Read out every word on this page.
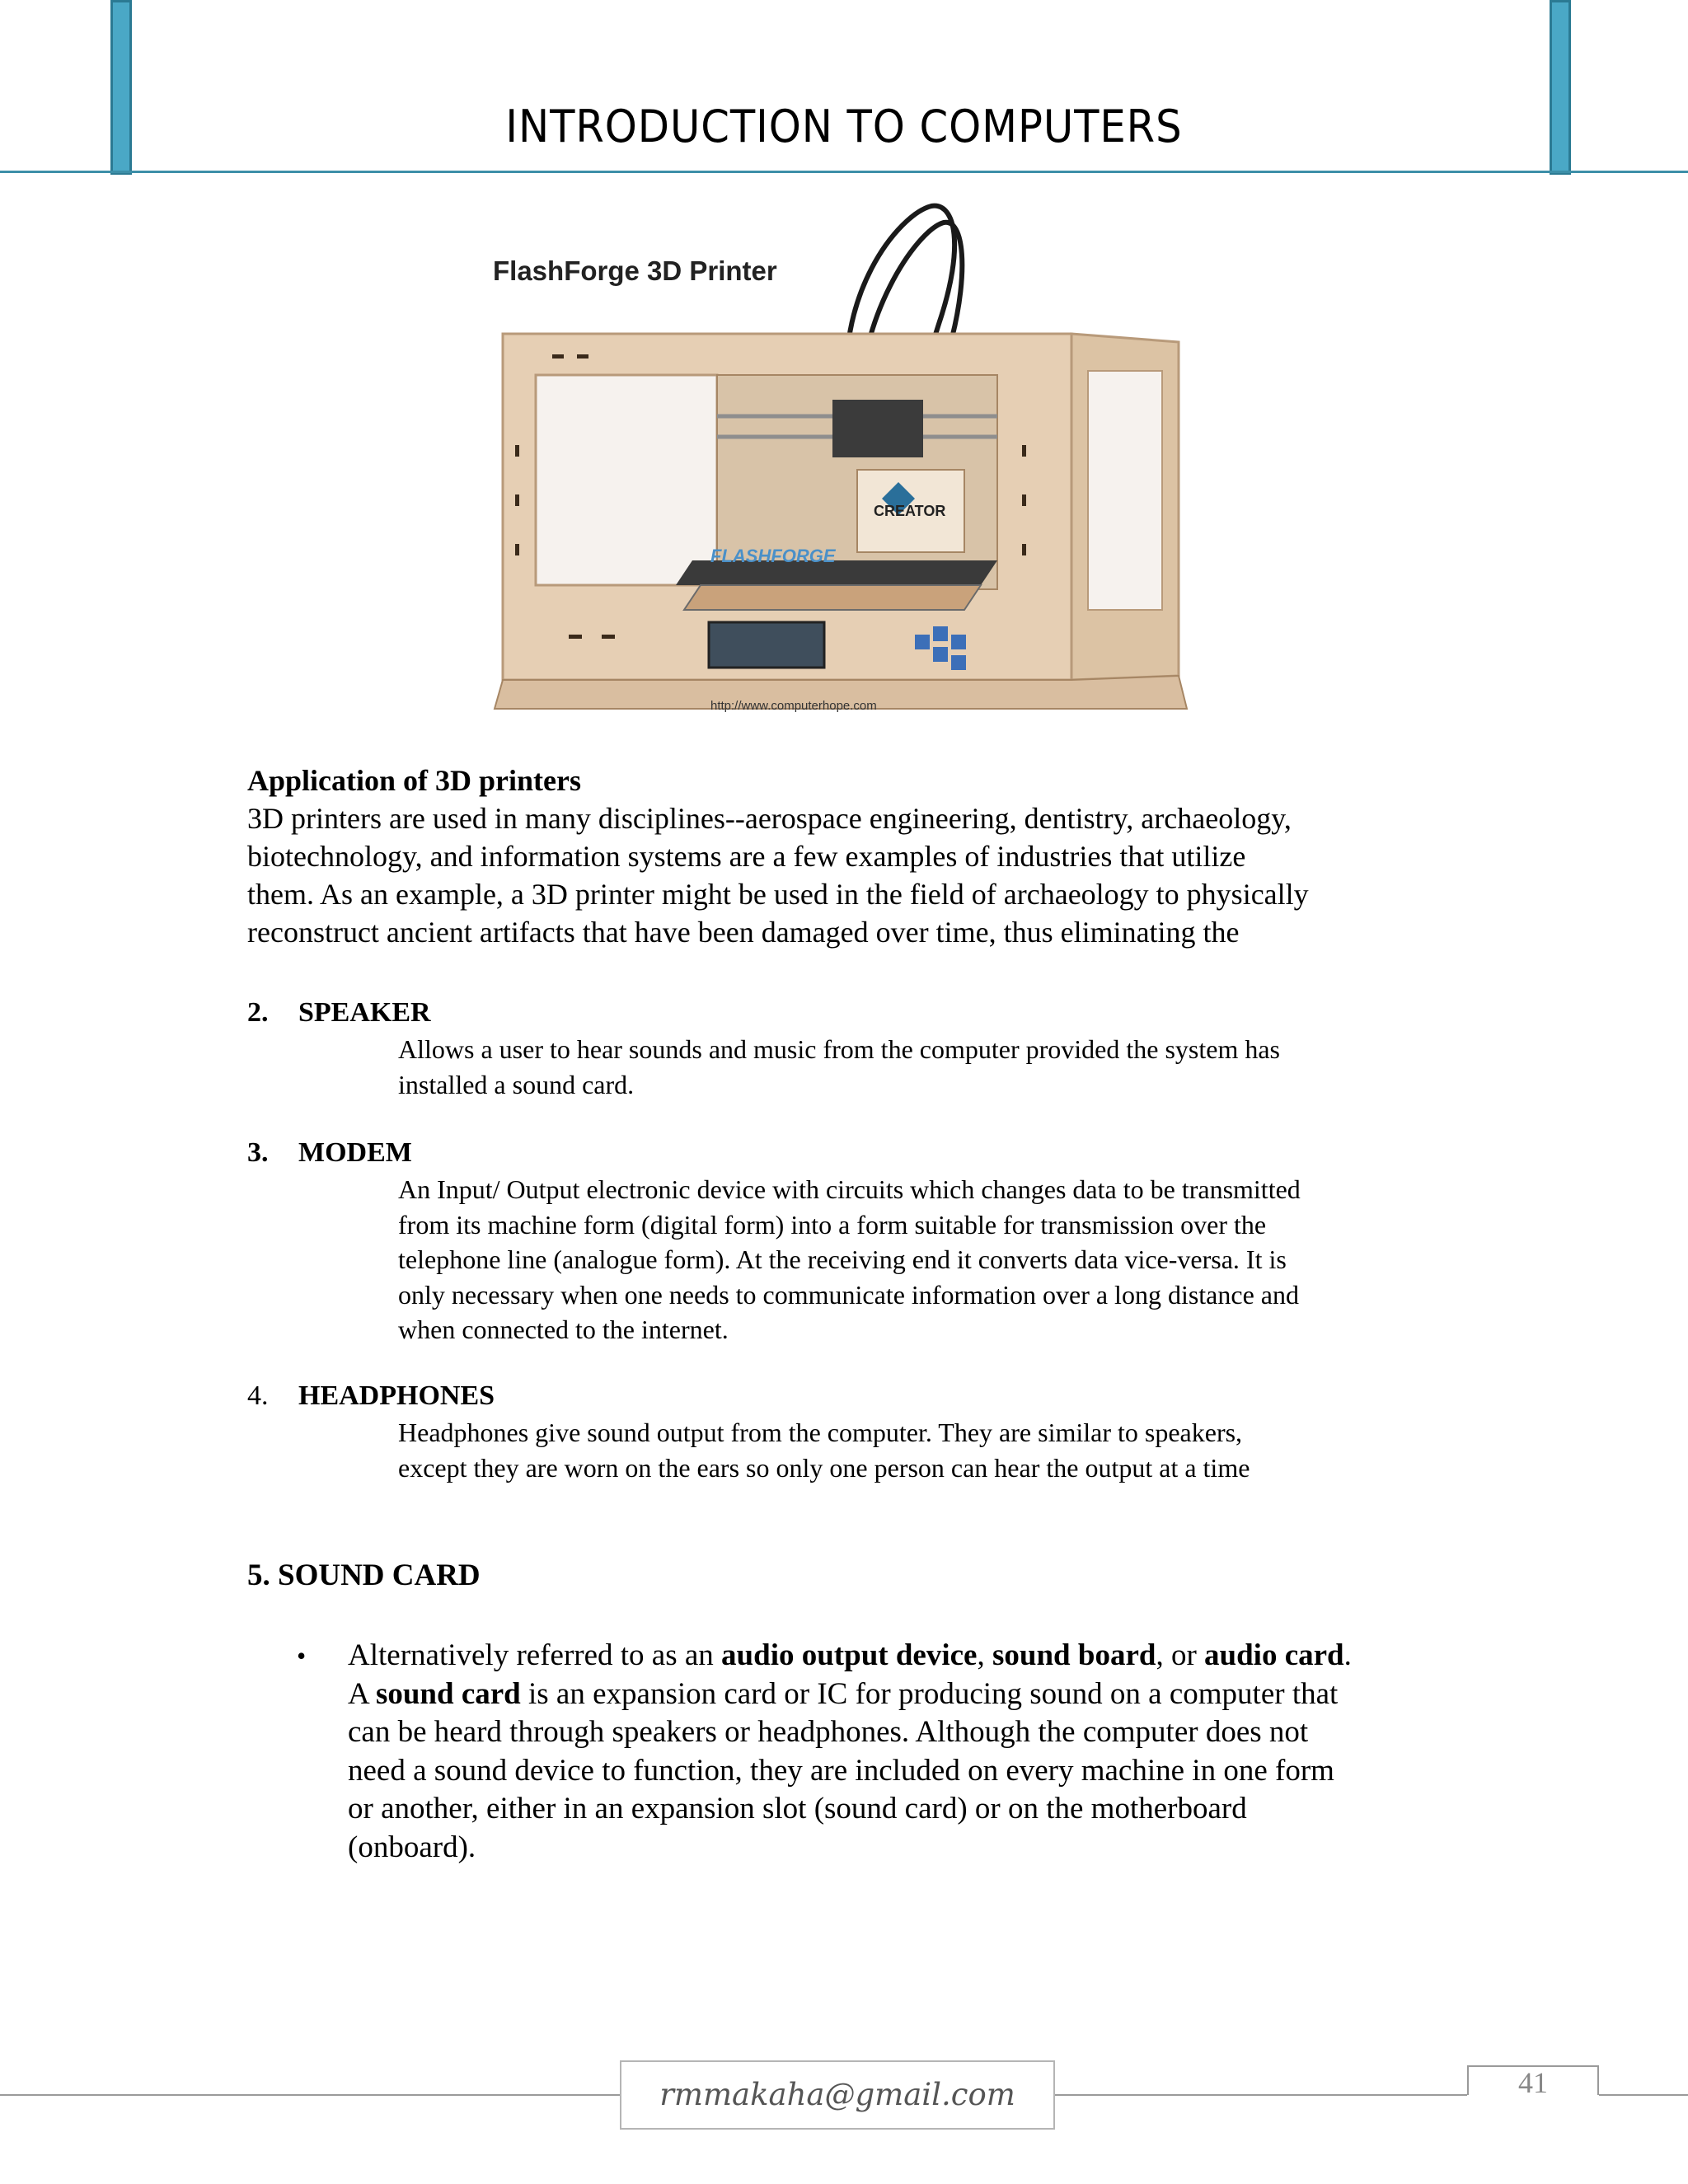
INTRODUCTION TO COMPUTERS
FlashForge 3D Printer
CREATOR
FLASHFORGE
http://www.computerhope.com
Application of 3D printers
3D printers are used in many disciplines--aerospace engineering, dentistry, archaeology,
biotechnology, and information systems are a few examples of industries that utilize
them. As an example, a 3D printer might be used in the field of archaeology to physically
reconstruct ancient artifacts that have been damaged over time, thus eliminating the
2. SPEAKER
Allows a user to hear sounds and music from the computer provided the system has
installed a sound card.
3. MODEM
An Input/ Output electronic device with circuits which changes data to be transmitted
from its machine form (digital form) into a form suitable for transmission over the
telephone line (analogue form). At the receiving end it converts data vice-versa. It is
only necessary when one needs to communicate information over a long distance and
when connected to the internet.
4. HEADPHONES
Headphones give sound output from the computer. They are similar to speakers,
except they are worn on the ears so only one person can hear the output at a time
5. SOUND CARD
• Alternatively referred to as an audio output device, sound board, or audio card.
A sound card is an expansion card or IC for producing sound on a computer that
can be heard through speakers or headphones. Although the computer does not
need a sound device to function, they are included on every machine in one form
or another, either in an expansion slot (sound card) or on the motherboard
(onboard).
rmmakaha@gmail.com	41
